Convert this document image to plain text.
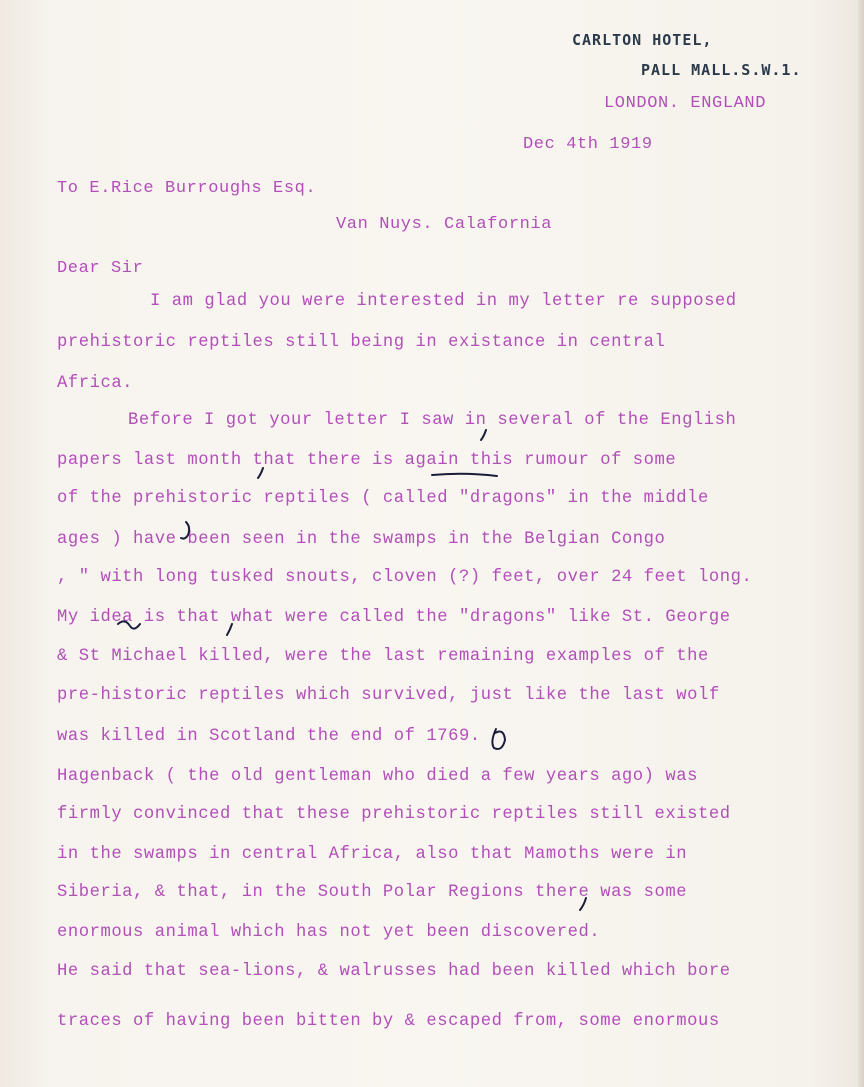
CARLTON HOTEL,
PALL MALL.S.W.1.
LONDON. ENGLAND
Dec 4th 1919
To E.Rice Burroughs Esq.
Van Nuys. Calafornia
Dear Sir
I am glad you were interested in my letter re supposed
prehistoric reptiles still being in existance in central
Africa.
Before I got your letter I saw in several of the English
papers last month that there is again this rumour of some
of the prehistoric reptiles ( called "dragons" in the middle
ages ) have been seen in the swamps in the Belgian Congo
, " with long tusked snouts, cloven (?) feet, over 24 feet long.
My idea is that what were called the "dragons" like St. George
& St Michael killed, were the last remaining examples of the
pre-historic reptiles which survived, just like the last wolf
was killed in Scotland the end of 1769.
Hagenback ( the old gentleman who died a few years ago) was
firmly convinced that these prehistoric reptiles still existed
in the swamps in central Africa, also that Mamoths were in
Siberia, & that, in the South Polar Regions there was some
enormous animal which has not yet been discovered.
He said that sea-lions, & walrusses had been killed which bore
traces of having been bitten by & escaped from, some enormous
